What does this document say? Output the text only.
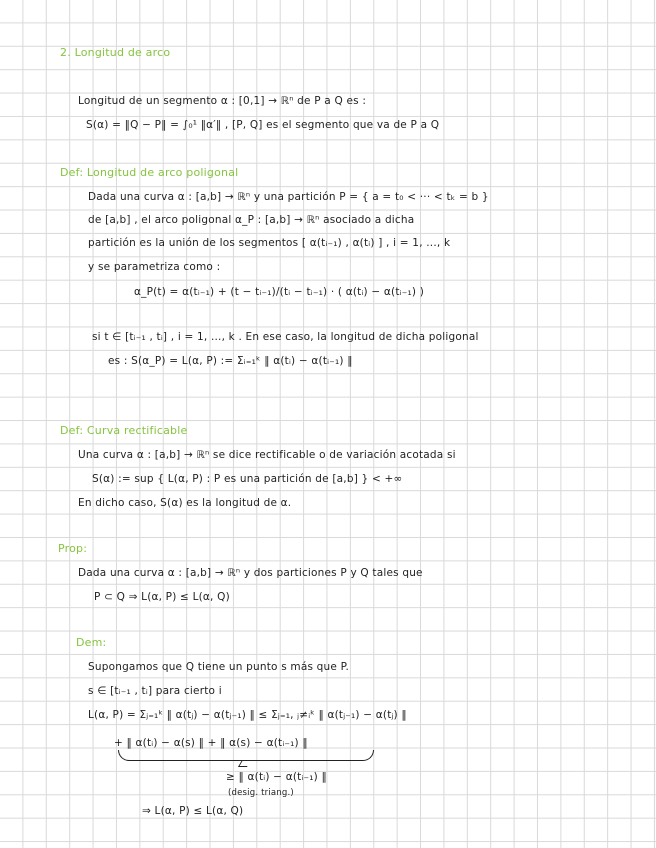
2. Longitud de arco
Longitud de un segmento α : [0,1] → ℝⁿ de P a Q es :
S(α) = ‖Q − P‖ = ∫₀¹ ‖α′‖ , [P, Q] es el segmento que va de P a Q
Def: Longitud de arco poligonal
Dada una curva α : [a,b] → ℝⁿ y una partición P = { a = t₀ < ··· < tₖ = b }
de [a,b] , el arco poligonal α_P : [a,b] → ℝⁿ asociado a dicha
partición es la unión de los segmentos [ α(tᵢ₋₁) , α(tᵢ) ] , i = 1, ..., k
y se parametriza como :
α_P(t) = α(tᵢ₋₁) + (t − tᵢ₋₁)/(tᵢ − tᵢ₋₁) · ( α(tᵢ) − α(tᵢ₋₁) )
si t ∈ [tᵢ₋₁ , tᵢ] , i = 1, ..., k . En ese caso, la longitud de dicha poligonal
es : S(α_P) = L(α, P) := Σᵢ₌₁ᵏ ‖ α(tᵢ) − α(tᵢ₋₁) ‖
Def: Curva rectificable
Una curva α : [a,b] → ℝⁿ se dice rectificable o de variación acotada si
S(α) := sup { L(α, P) : P es una partición de [a,b] } < +∞
En dicho caso, S(α) es la longitud de α.
Prop:
Dada una curva α : [a,b] → ℝⁿ y dos particiones P y Q tales que
P ⊂ Q ⇒ L(α, P) ≤ L(α, Q)
Dem:
Supongamos que Q tiene un punto s más que P.
s ∈ [tᵢ₋₁ , tᵢ] para cierto i
L(α, P) = Σⱼ₌₁ᵏ ‖ α(tⱼ) − α(tⱼ₋₁) ‖ ≤ Σⱼ₌₁, ⱼ≠ᵢᵏ ‖ α(tⱼ₋₁) − α(tⱼ) ‖
+ ‖ α(tᵢ) − α(s) ‖ + ‖ α(s) − α(tᵢ₋₁) ‖
≥ ‖ α(tᵢ) − α(tᵢ₋₁) ‖
(desig. triang.)
⇒ L(α, P) ≤ L(α, Q)
